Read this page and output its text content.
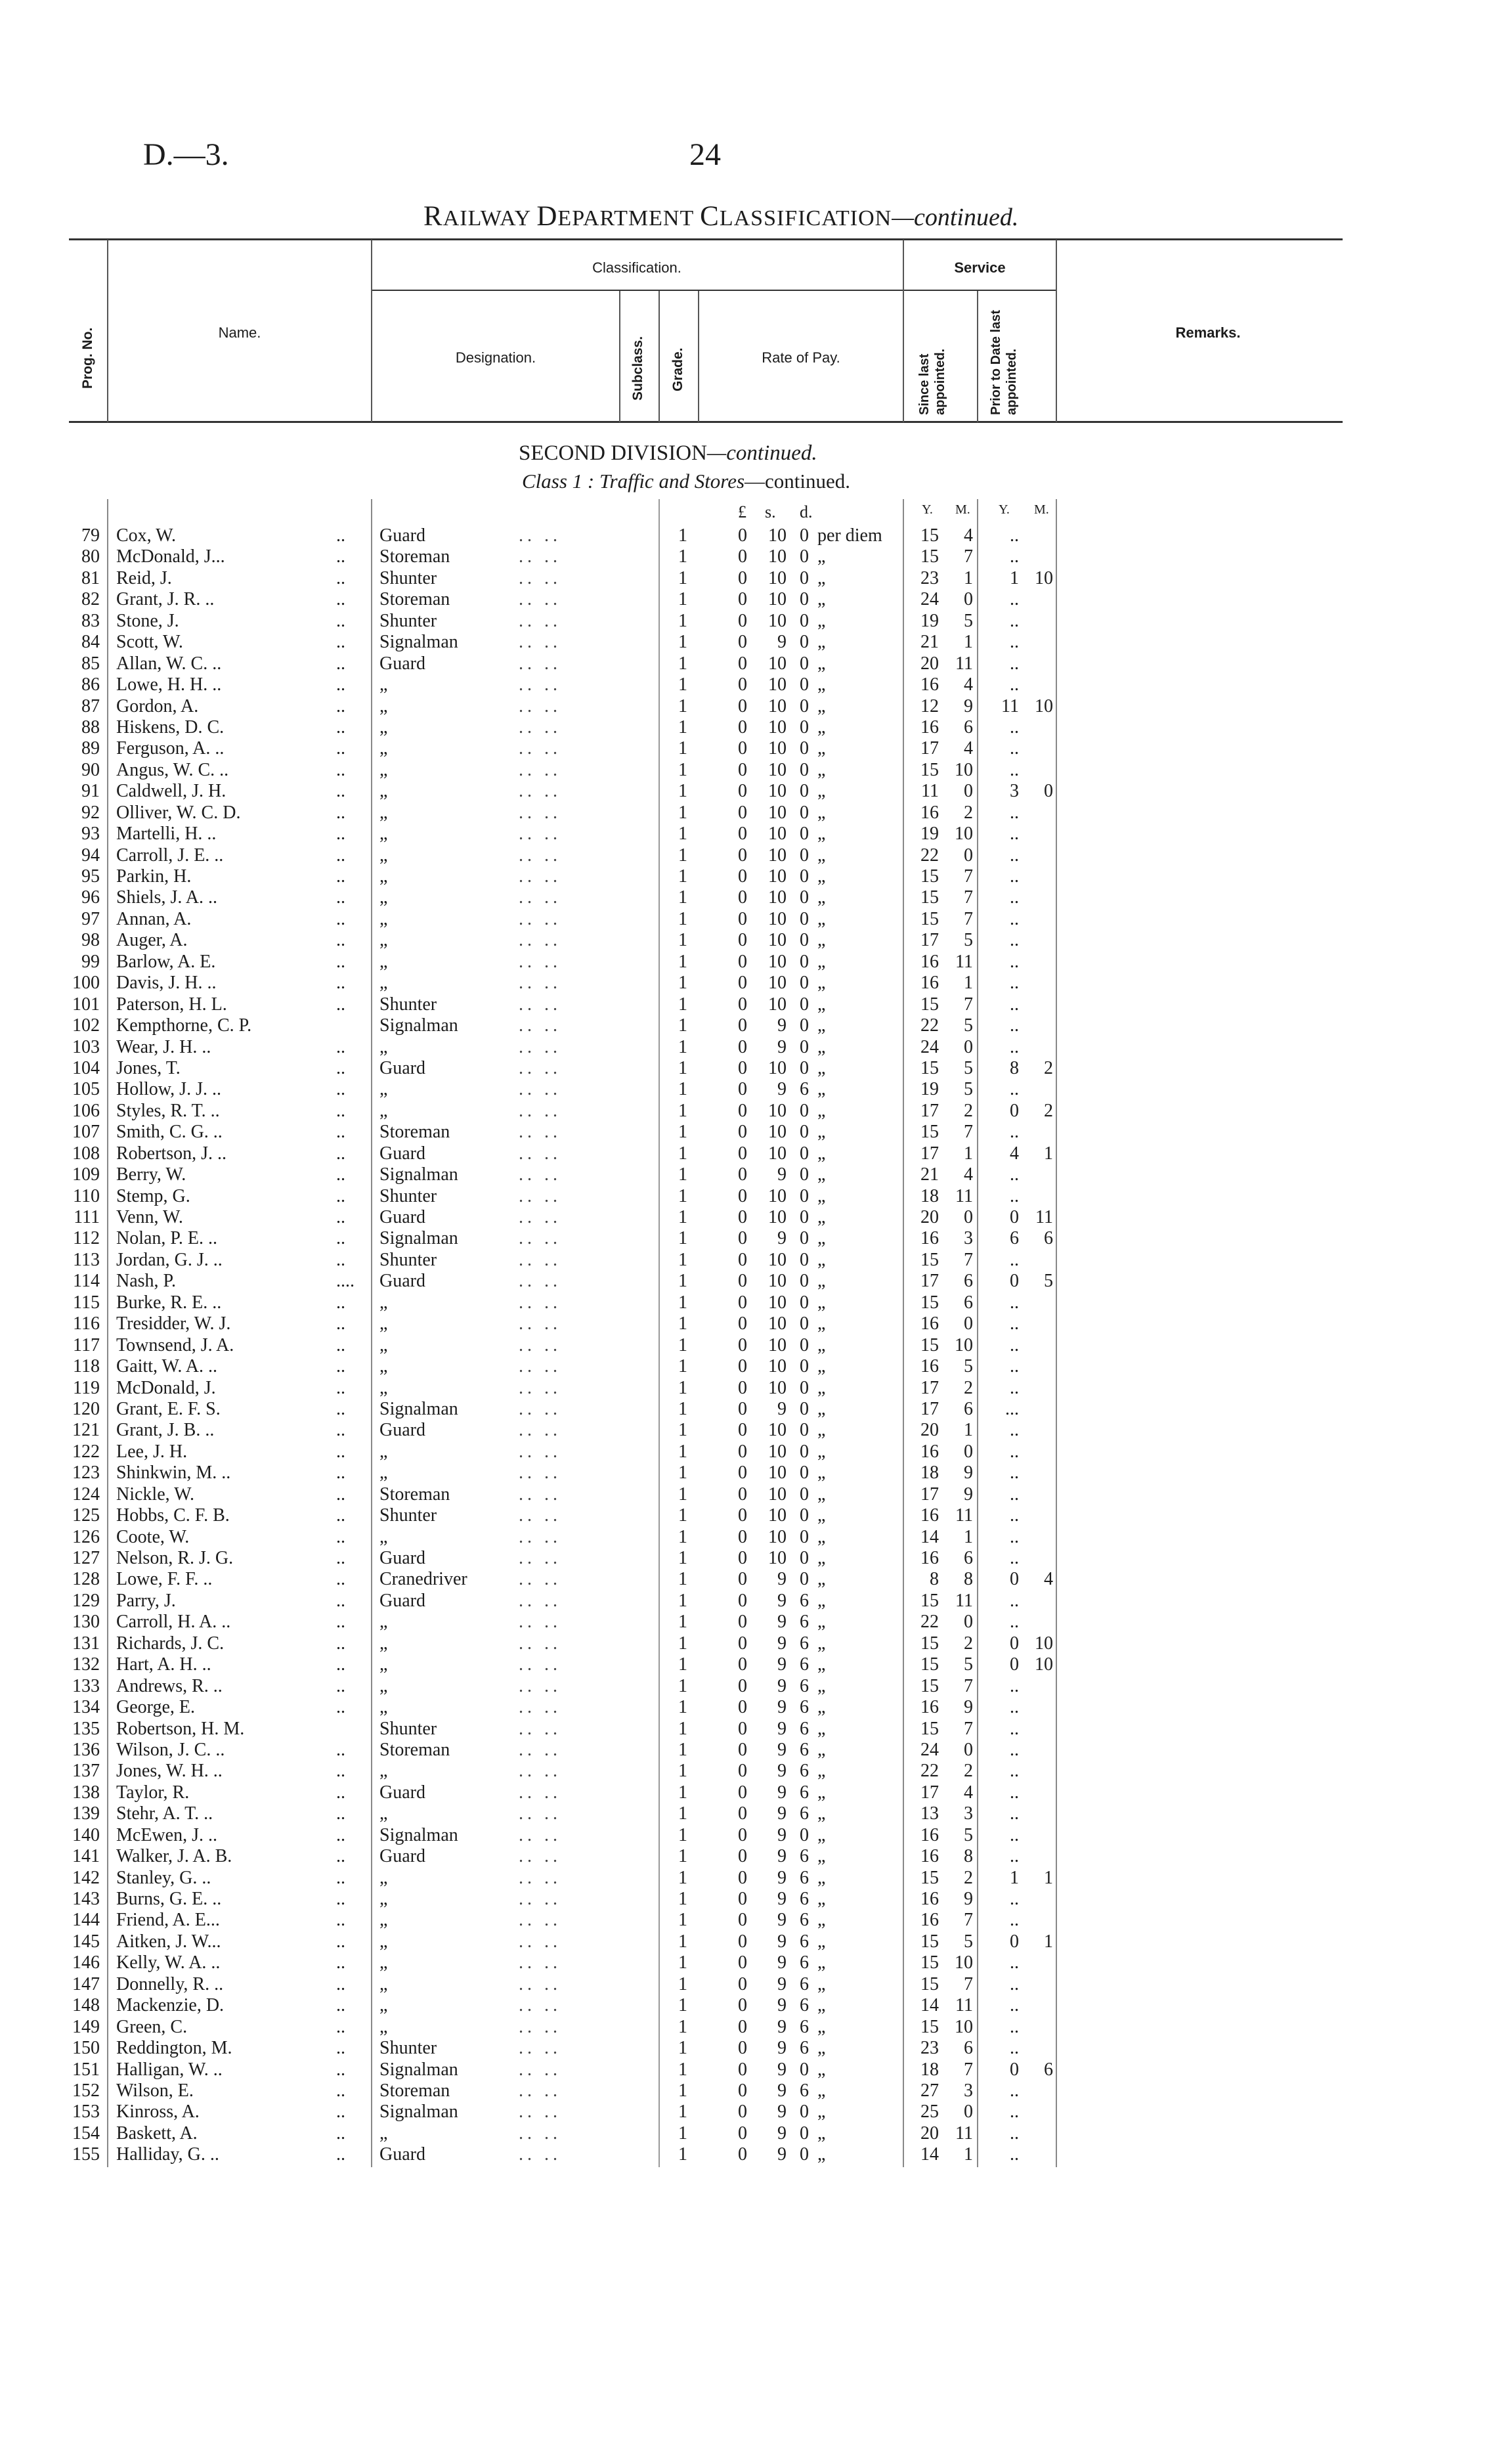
D.—3.	24
RAILWAY DEPARTMENT CLASSIFICATION—continued.
Prog. No.	Name.
Classification.
Designation.	Subclass. Grade.	Rate of Pay.
Service
Since last appointed.	Prior to Date last appointed.
Remarks.
SECOND DIVISION—continued.
Class 1 : Traffic and Stores—continued.
£ s. d.	Y. M. Y. M.
79 Cox, W.	.. Guard	.. ..	1	0	10 0 per diem	15	4	..
80 McDonald, J...	.. Storeman	.. ..	1	0	10 0 „	15	7	..
81 Reid, J.	.. Shunter	.. ..	1	0	10 0 „	23	1	1 10
82 Grant, J. R. ..	.. Storeman	.. ..	1	0	10 0 „	24	0	..
83 Stone, J.	.. Shunter	.. ..	1	0	10 0 „	19	5	..
84 Scott, W.	.. Signalman	.. ..	1	0	9 0 „	21	1	..
85 Allan, W. C. ..	.. Guard	.. ..	1	0	10 0 „	20 11	..
86 Lowe, H. H. ..	.. „	.. ..	1	0	10 0 „	16	4	..
87 Gordon, A.	.. „	.. ..	1	0	10 0 „	12	9	11 10
88 Hiskens, D. C.	.. „	.. ..	1	0	10 0 „	16	6	..
89 Ferguson, A. ..	.. „	.. ..	1	0	10 0 „	17	4	..
90 Angus, W. C. ..	.. „	.. ..	1	0	10 0 „	15 10	..
91 Caldwell, J. H.	.. „	.. ..	1	0	10 0 „	11	0	3	0
92 Olliver, W. C. D.	.. „	.. ..	1	0	10 0 „	16	2	..
93 Martelli, H. ..	.. „	.. ..	1	0	10 0 „	19 10	..
94 Carroll, J. E. ..	.. „	.. ..	1	0	10 0 „	22	0	..
95 Parkin, H.	.. „	.. ..	1	0	10 0 „	15	7	..
96 Shiels, J. A. ..	.. „	.. ..	1	0	10 0 „	15	7	..
97 Annan, A.	.. „	.. ..	1	0	10 0 „	15	7	..
98 Auger, A.	.. „	.. ..	1	0	10 0 „	17	5	..
99 Barlow, A. E.	.. „	.. ..	1	0	10 0 „	16 11	..
100 Davis, J. H. ..	.. „	.. ..	1	0	10 0 „	16	1	..
101 Paterson, H. L.	.. Shunter	.. ..	1	0	10 0 „	15	7	..
102 Kempthorne, C. P.	Signalman	.. ..	1	0	9 0 „	22	5	..
103 Wear, J. H. ..	.. „	.. ..	1	0	9 0 „	24	0	..
104 Jones, T.	.. Guard	.. ..	1	0	10 0 „	15	5	8	2
105 Hollow, J. J. ..	.. „	.. ..	1	0	9 6 „	19	5	..
106 Styles, R. T. ..	.. „	.. ..	1	0	10 0 „	17	2	0	2
107 Smith, C. G. ..	.. Storeman	.. ..	1	0	10 0 „	15	7	..
108 Robertson, J. ..	.. Guard	.. ..	1	0	10 0 „	17	1	4	1
109 Berry, W.	.. Signalman	.. ..	1	0	9 0 „	21	4	..
110 Stemp, G.	.. Shunter	.. ..	1	0	10 0 „	18 11	..
111 Venn, W.	.. Guard	.. ..	1	0	10 0 „	20	0	0 11
112 Nolan, P. E. ..	.. Signalman	.. ..	1	0	9 0 „	16	3	6	6
113 Jordan, G. J. ..	.. Shunter	.. ..	1	0	10 0 „	15	7	..
114 Nash, P.	.... Guard	.. ..	1	0	10 0 „	17	6	0	5
115 Burke, R. E. ..	.. „	.. ..	1	0	10 0 „	15	6	..
116 Tresidder, W. J.	.. „	.. ..	1	0	10 0 „	16	0	..
117 Townsend, J. A.	.. „	.. ..	1	0	10 0 „	15 10	..
118 Gaitt, W. A. ..	.. „	.. ..	1	0	10 0 „	16	5	..
119 McDonald, J.	.. „	.. ..	1	0	10 0 „	17	2	..
120 Grant, E. F. S.	.. Signalman	.. ..	1	0	9 0 „	17	6	...
121 Grant, J. B. ..	.. Guard	.. ..	1	0	10 0 „	20	1	..
122 Lee, J. H.	.. „	.. ..	1	0	10 0 „	16	0	..
123 Shinkwin, M. ..	.. „	.. ..	1	0	10 0 „	18	9	..
124 Nickle, W.	.. Storeman	.. ..	1	0	10 0 „	17	9	..
125 Hobbs, C. F. B.	.. Shunter	.. ..	1	0	10 0 „	16 11	..
126 Coote, W.	.. „	.. ..	1	0	10 0 „	14	1	..
127 Nelson, R. J. G.	.. Guard	.. ..	1	0	10 0 „	16	6	..
128 Lowe, F. F. ..	.. Cranedriver	.. ..	1	0	9 0 „	8	8	0	4
129 Parry, J.	.. Guard	.. ..	1	0	9 6 „	15 11	..
130 Carroll, H. A. ..	.. „	.. ..	1	0	9 6 „	22	0	..
131 Richards, J. C.	.. „	.. ..	1	0	9 6 „	15	2	0 10
132 Hart, A. H. ..	.. „	.. ..	1	0	9 6 „	15	5	0 10
133 Andrews, R. ..	.. „	.. ..	1	0	9 6 „	15	7	..
134 George, E.	.. „	.. ..	1	0	9 6 „	16	9	..
135 Robertson, H. M.	Shunter	.. ..	1	0	9 6 „	15	7	..
136 Wilson, J. C. ..	.. Storeman	.. ..	1	0	9 6 „	24	0	..
137 Jones, W. H. ..	.. „	.. ..	1	0	9 6 „	22	2	..
138 Taylor, R.	.. Guard	.. ..	1	0	9 6 „	17	4	..
139 Stehr, A. T. ..	.. „	.. ..	1	0	9 6 „	13	3	..
140 McEwen, J. ..	.. Signalman	.. ..	1	0	9 0 „	16	5	..
141 Walker, J. A. B.	.. Guard	.. ..	1	0	9 6 „	16	8	..
142 Stanley, G. ..	.. „	.. ..	1	0	9 6 „	15	2	1	1
143 Burns, G. E. ..	.. „	.. ..	1	0	9 6 „	16	9	..
144 Friend, A. E...	.. „	.. ..	1	0	9 6 „	16	7	..
145 Aitken, J. W...	.. „	.. ..	1	0	9 6 „	15	5	0	1
146 Kelly, W. A. ..	.. „	.. ..	1	0	9 6 „	15 10	..
147 Donnelly, R. ..	.. „	.. ..	1	0	9 6 „	15	7	..
148 Mackenzie, D.	.. „	.. ..	1	0	9 6 „	14 11	..
149 Green, C.	.. „	.. ..	1	0	9 6 „	15 10	..
150 Reddington, M.	.. Shunter	.. ..	1	0	9 6 „	23	6	..
151 Halligan, W. ..	.. Signalman	.. ..	1	0	9 0 „	18	7	0	6
152 Wilson, E.	.. Storeman	.. ..	1	0	9 6 „	27	3	..
153 Kinross, A.	.. Signalman	.. ..	1	0	9 0 „	25	0	..
154 Baskett, A.	.. „	.. ..	1	0	9 0 „	20 11	..
155 Halliday, G. ..	.. Guard	.. ..	1	0	9 0 „	14	1	..
